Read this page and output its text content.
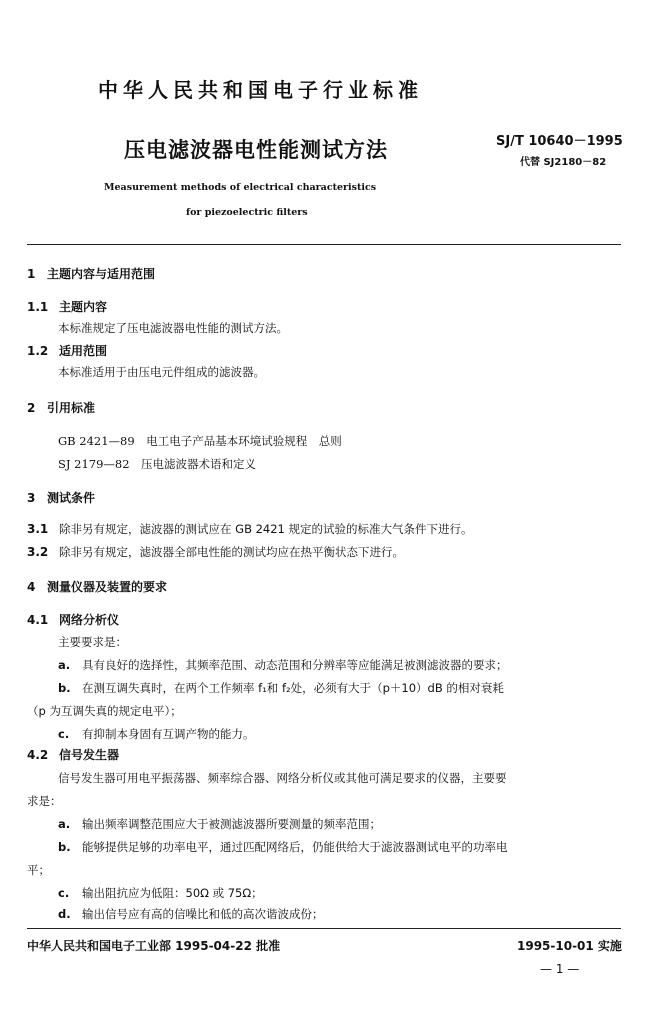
中华人民共和国电子行业标准
压电滤波器电性能测试方法	SJ/T 10640－1995
代替 SJ2180－82
Measurement methods of electrical characteristics
for piezoelectric filters
1 主题内容与适用范围
1.1 主题内容
本标准规定了压电滤波器电性能的测试方法。
1.2 适用范围
本标准适用于由压电元件组成的滤波器。
2 引用标准
GB 2421—89　 电工电子产品基本环境试验规程　总则
SJ 2179—82　 压电滤波器术语和定义
3 测试条件
3.1 除非另有规定，滤波器的测试应在 GB 2421 规定的试验的标准大气条件下进行。
3.2 除非另有规定，滤波器全部电性能的测试均应在热平衡状态下进行。
4 测量仪器及装置的要求
4.1 网络分析仪
主要要求是：
a. 具有良好的选择性，其频率范围、动态范围和分辨率等应能满足被测滤波器的要求；
b. 在测互调失真时，在两个工作频率 f₁和 f₂处，必须有大于（p＋10）dB 的相对衰耗
（p 为互调失真的规定电平）；
c. 有抑制本身固有互调产物的能力。
4.2 信号发生器
信号发生器可用电平振荡器、频率综合器、网络分析仪或其他可满足要求的仪器，主要要
求是：
a. 输出频率调整范围应大于被测滤波器所要测量的频率范围；
b. 能够提供足够的功率电平，通过匹配网络后，仍能供给大于滤波器测试电平的功率电
平；
c. 输出阻抗应为低阻：50Ω 或 75Ω；
d. 输出信号应有高的信噪比和低的高次谐波成份；
中华人民共和国电子工业部 1995-04-22 批准	1995-10-01 实施
— 1 —
